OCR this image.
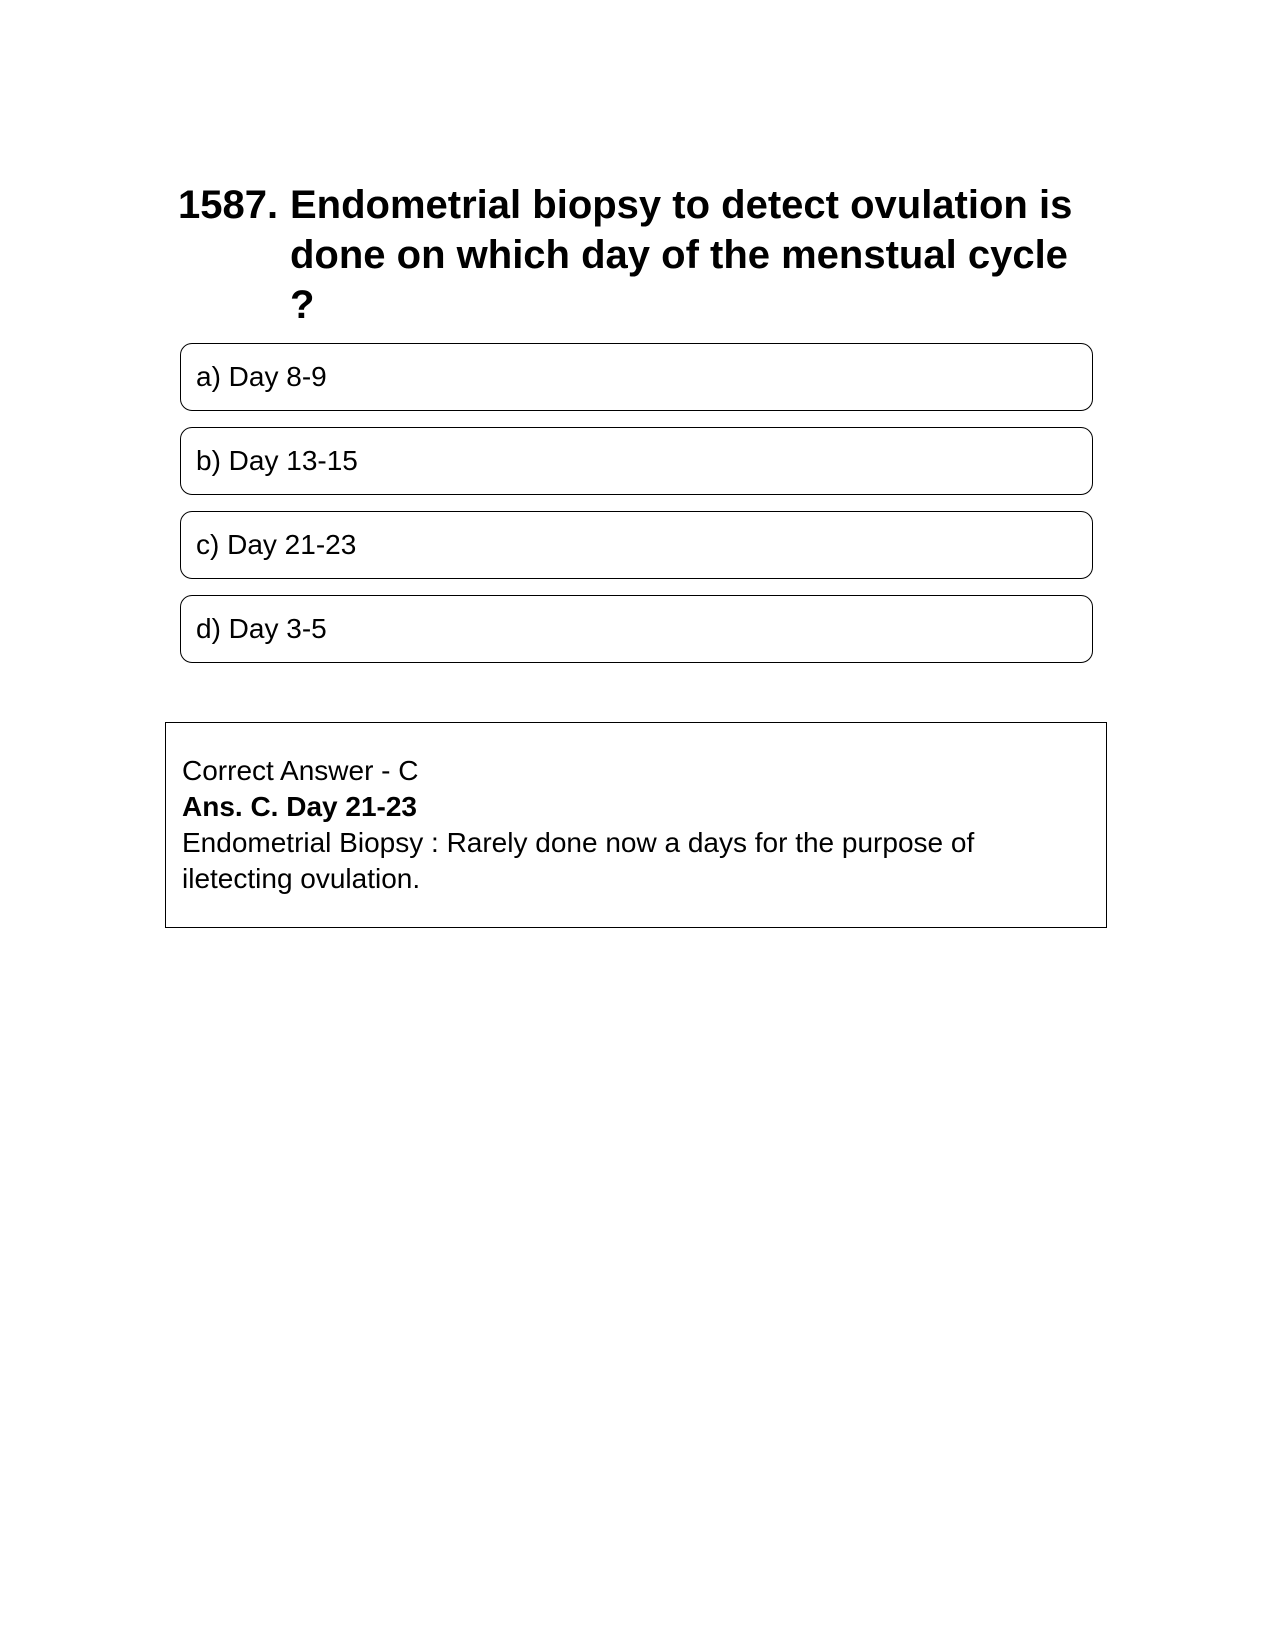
1587. Endometrial biopsy to detect ovulation is done on which day of the menstual cycle ?
a) Day 8-9
b) Day 13-15
c) Day 21-23
d) Day 3-5
Correct Answer - C
Ans. C. Day 21-23
Endometrial Biopsy : Rarely done now a days for the purpose of iletecting ovulation.
